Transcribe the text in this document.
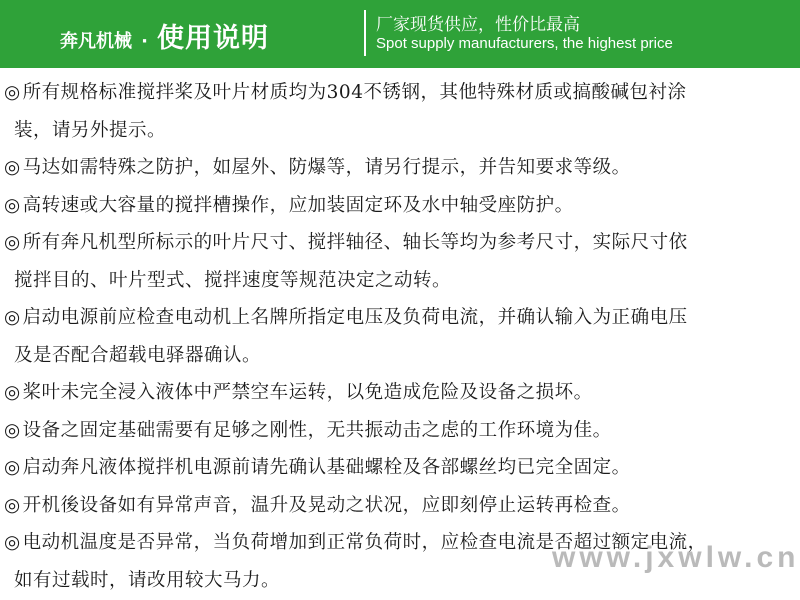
奔凡机械 · 使用说明	厂家现货供应，性价比最高
Spot supply manufacturers, the highest price
◎ 所有规格标准搅拌桨及叶片材质均为304不锈钢，其他特殊材质或搞酸碱包衬涂
装，请另外提示。
◎ 马达如需特殊之防护，如屋外、防爆等，请另行提示，并告知要求等级。
◎ 高转速或大容量的搅拌槽操作，应加装固定环及水中轴受座防护。
◎ 所有奔凡机型所标示的叶片尺寸、搅拌轴径、轴长等均为参考尺寸，实际尺寸依
搅拌目的、叶片型式、搅拌速度等规范决定之动转。
◎ 启动电源前应检查电动机上名牌所指定电压及负荷电流，并确认输入为正确电压
及是否配合超载电驿器确认。
◎ 桨叶未完全浸入液体中严禁空车运转，以免造成危险及设备之损坏。
◎ 设备之固定基础需要有足够之刚性，无共振动击之虑的工作环境为佳。
◎ 启动奔凡液体搅拌机电源前请先确认基础螺栓及各部螺丝均已完全固定。
◎ 开机後设备如有异常声音，温升及晃动之状况，应即刻停止运转再检查。
◎ 电动机温度是否异常，当负荷增加到正常负荷时，应检查电流是否超过额定电流，
如有过载时，请改用较大马力。
www.jxwlw.cn
